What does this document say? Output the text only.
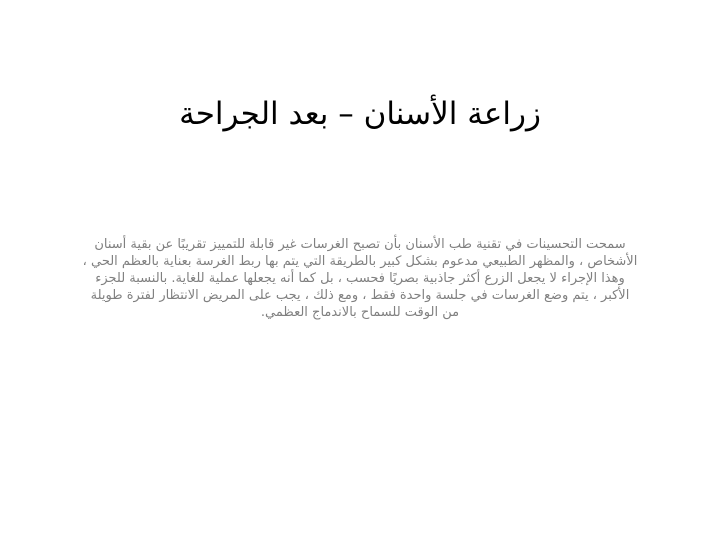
زراعة الأسنان – بعد الجراحة
سمحت التحسينات في تقنية طب الأسنان بأن تصبح الغرسات غير قابلة للتمييز تقريبًا عن بقية أسنان الأشخاص ، والمظهر الطبيعي مدعوم بشكل كبير بالطريقة التي يتم بها ربط الغرسة بعناية بالعظم الحي ، وهذا الإجراء لا يجعل الزرع أكثر جاذبية بصريًا فحسب ، بل كما أنه يجعلها عملية للغاية. بالنسبة للجزء الأكبر ، يتم وضع الغرسات في جلسة واحدة فقط ، ومع ذلك ، يجب على المريض الانتظار لفترة طويلة من الوقت للسماح بالاندماج العظمي.
